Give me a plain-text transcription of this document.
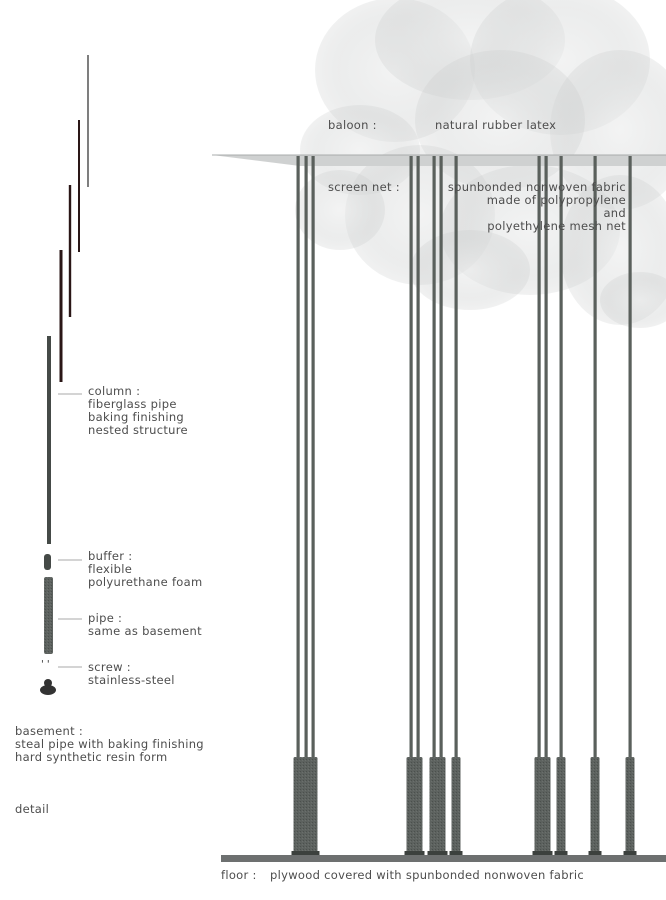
' '
baloon :	natural rubber latex
screen net :	spunbonded nonwoven fabric
made of polypropylene
and
polyethylene mesh net
column :
fiberglass pipe
baking finishing
nested structure
buffer :
flexible
polyurethane foam
pipe :
same as basement
screw :
stainless-steel
basement :
steal pipe with baking finishing
hard synthetic resin form
detail
floor : plywood covered with spunbonded nonwoven fabric
